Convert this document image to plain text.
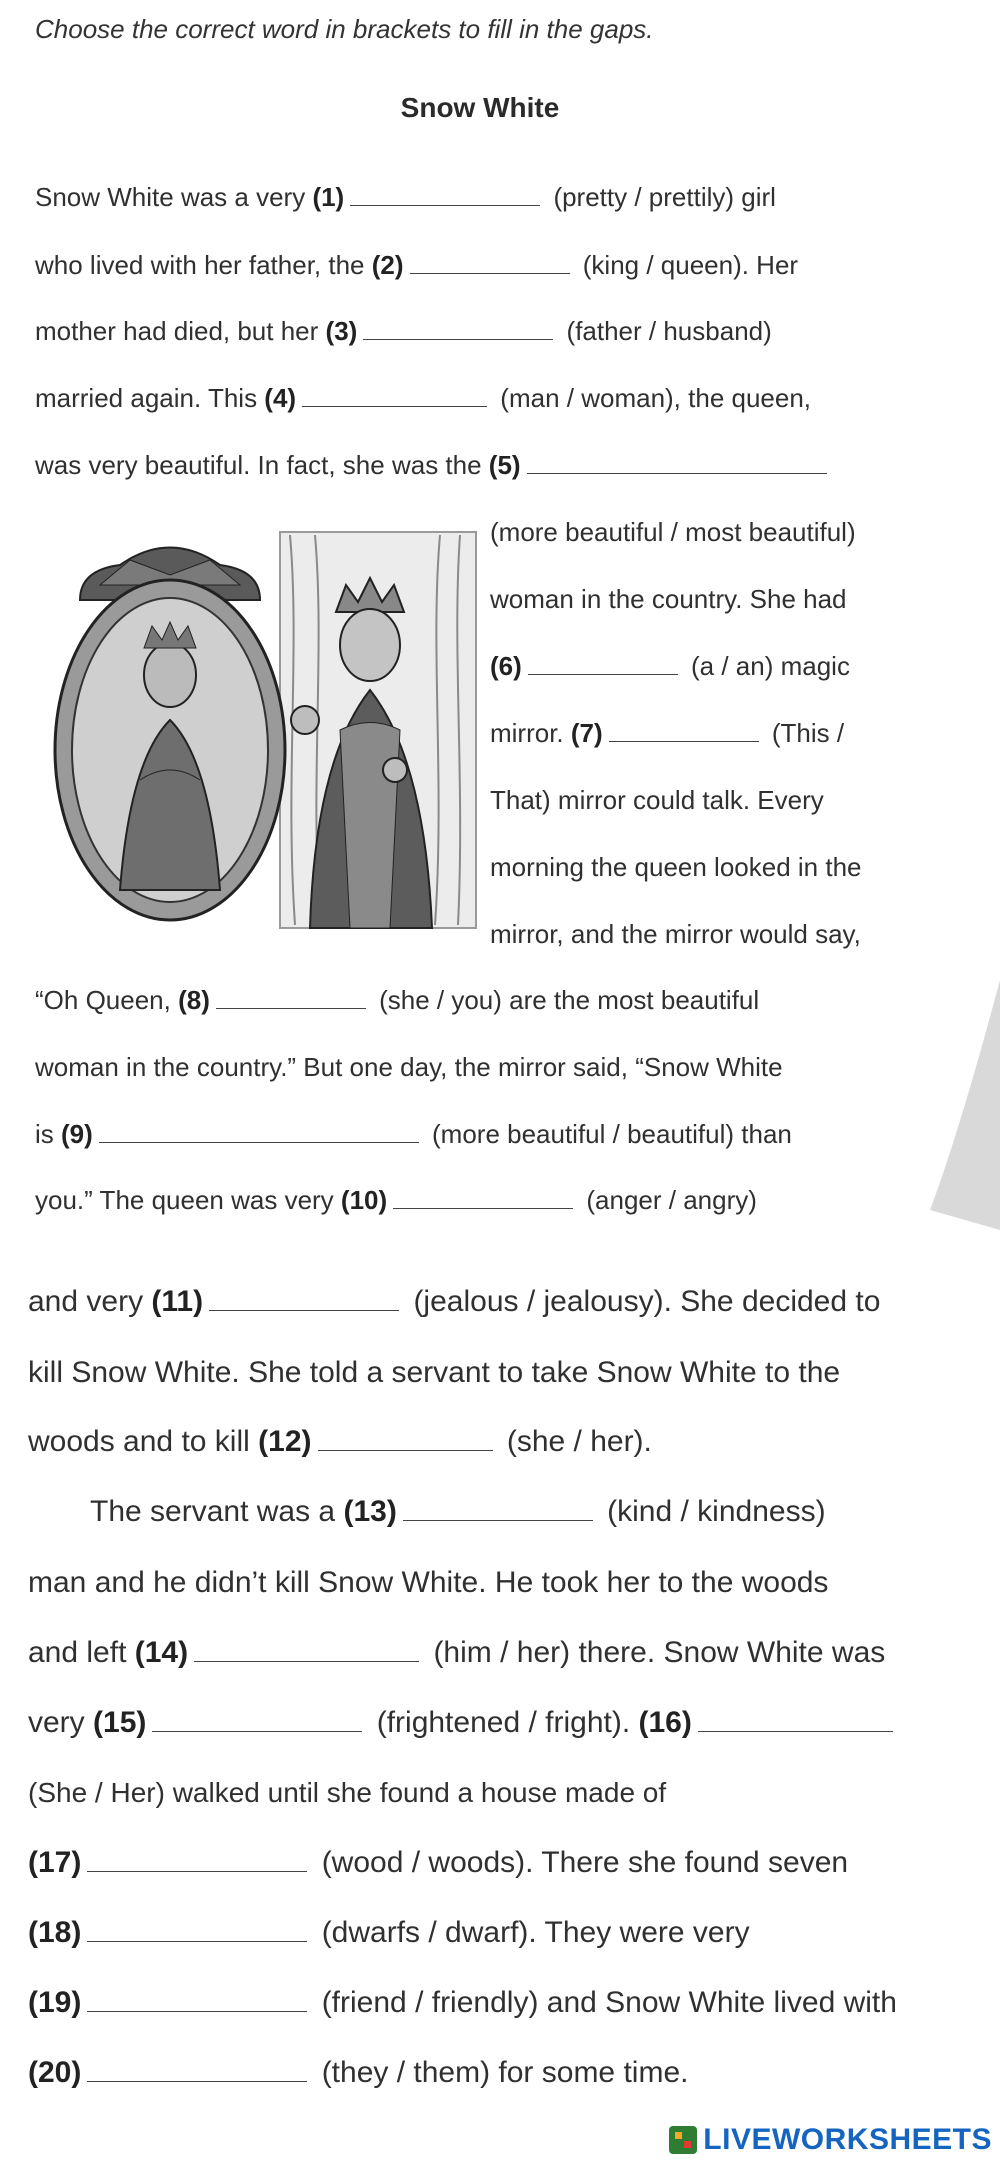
Choose the correct word in brackets to fill in the gaps.
Snow White
Snow White was a very (1)	(pretty / prettily) girl
who lived with her father, the (2)	(king / queen). Her
mother had died, but her (3)	(father / husband)
married again. This (4)	(man / woman), the queen,
was very beautiful. In fact, she was the (5)
(more beautiful / most beautiful)
woman in the country. She had
(6)	(a / an) magic
mirror. (7)	(This /
That) mirror could talk. Every
morning the queen looked in the
mirror, and the mirror would say,
“Oh Queen, (8)	(she / you) are the most beautiful
woman in the country.” But one day, the mirror said, “Snow White
is (9)	(more beautiful / beautiful) than
you.” The queen was very (10)	(anger / angry)
and very (11)	(jealous / jealousy). She decided to
kill Snow White. She told a servant to take Snow White to the
woods and to kill (12)	(she / her).
The servant was a (13)	(kind / kindness)
man and he didn’t kill Snow White. He took her to the woods
and left (14)	(him / her) there. Snow White was
very (15)	(frightened / fright). (16)
(She / Her) walked until she found a house made of
(17)	(wood / woods). There she found seven
(18)	(dwarfs / dwarf). They were very
(19)	(friend / friendly) and Snow White lived with
(20)	(they / them) for some time.
LIVEWORKSHEETS
